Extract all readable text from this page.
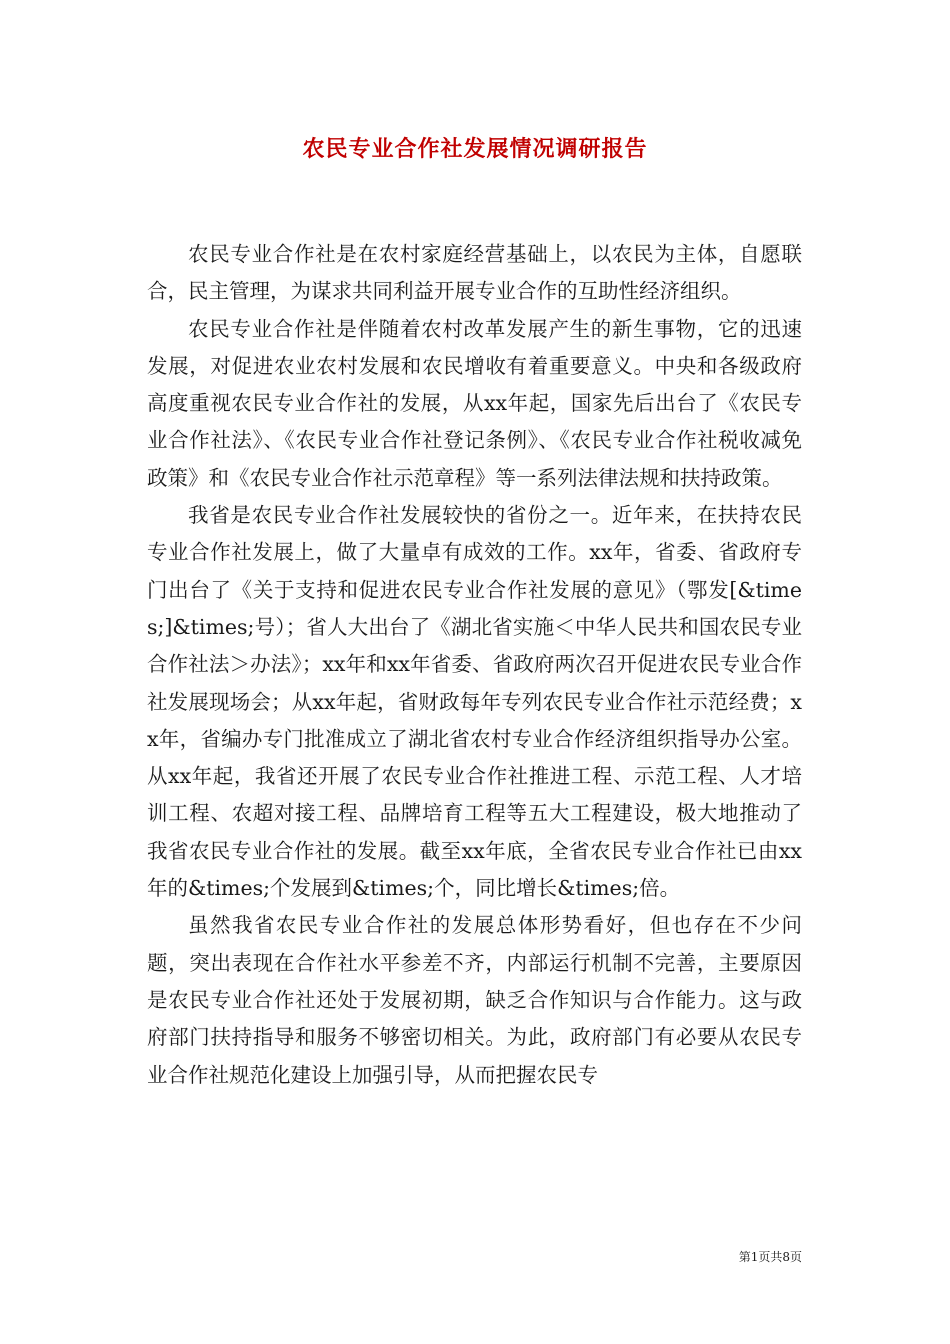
农民专业合作社发展情况调研报告

农民专业合作社是在农村家庭经营基础上，以农民为主体，自愿联合，民主管理，为谋求共同利益开展专业合作的互助性经济组织。

农民专业合作社是伴随着农村改革发展产生的新生事物，它的迅速发展，对促进农业农村发展和农民增收有着重要意义。中央和各级政府高度重视农民专业合作社的发展，从xx年起，国家先后出台了《农民专业合作社法》、《农民专业合作社登记条例》、《农民专业合作社税收减免政策》和《农民专业合作社示范章程》等一系列法律法规和扶持政策。

我省是农民专业合作社发展较快的省份之一。近年来，在扶持农民专业合作社发展上，做了大量卓有成效的工作。xx年，省委、省政府专门出台了《关于支持和促进农民专业合作社发展的意见》（鄂发[&times;]&times;号）；省人大出台了《湖北省实施＜中华人民共和国农民专业合作社法＞办法》；xx年和xx年省委、省政府两次召开促进农民专业合作社发展现场会；从xx年起，省财政每年专列农民专业合作社示范经费；xx年，省编办专门批准成立了湖北省农村专业合作经济组织指导办公室。从xx年起，我省还开展了农民专业合作社推进工程、示范工程、人才培训工程、农超对接工程、品牌培育工程等五大工程建设，极大地推动了我省农民专业合作社的发展。截至xx年底，全省农民专业合作社已由xx年的&times;个发展到&times;个，同比增长&times;倍。

虽然我省农民专业合作社的发展总体形势看好，但也存在不少问题，突出表现在合作社水平参差不齐，内部运行机制不完善，主要原因是农民专业合作社还处于发展初期，缺乏合作知识与合作能力。这与政府部门扶持指导和服务不够密切相关。为此，政府部门有必要从农民专业合作社规范化建设上加强引导，从而把握农民专

第1页共8页
